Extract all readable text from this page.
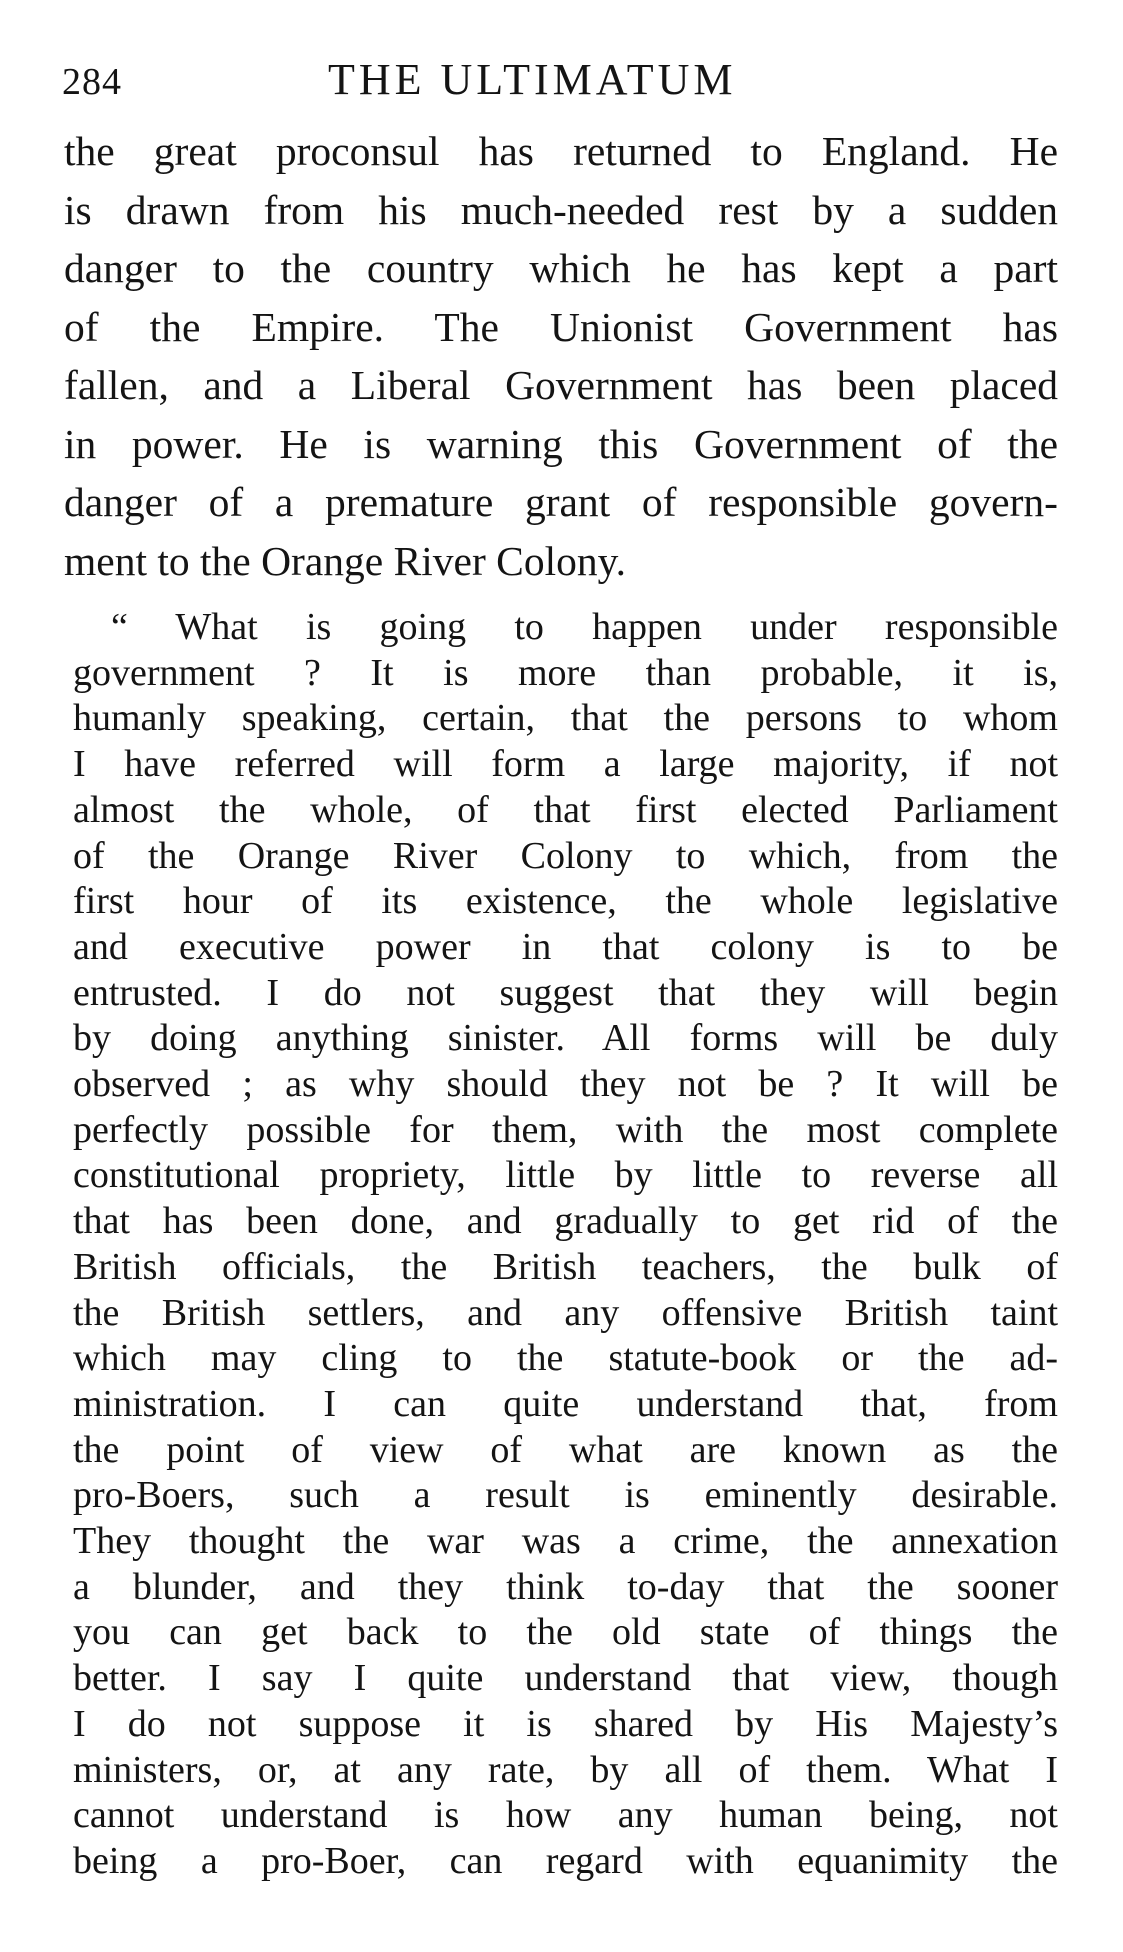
284	THE ULTIMATUM

the great proconsul has returned to England. He
is drawn from his much-needed rest by a sudden
danger to the country which he has kept a part
of the Empire. The Unionist Government has
fallen, and a Liberal Government has been placed
in power. He is warning this Government of the
danger of a premature grant of responsible govern-
ment to the Orange River Colony.

“ What is going to happen under responsible
government ? It is more than probable, it is,
humanly speaking, certain, that the persons to whom
I have referred will form a large majority, if not
almost the whole, of that first elected Parliament
of the Orange River Colony to which, from the
first hour of its existence, the whole legislative
and executive power in that colony is to be
entrusted. I do not suggest that they will begin
by doing anything sinister. All forms will be duly
observed ; as why should they not be ? It will be
perfectly possible for them, with the most complete
constitutional propriety, little by little to reverse all
that has been done, and gradually to get rid of the
British officials, the British teachers, the bulk of
the British settlers, and any offensive British taint
which may cling to the statute-book or the ad-
ministration. I can quite understand that, from
the point of view of what are known as the
pro-Boers, such a result is eminently desirable.
They thought the war was a crime, the annexation
a blunder, and they think to-day that the sooner
you can get back to the old state of things the
better. I say I quite understand that view, though
I do not suppose it is shared by His Majesty’s
ministers, or, at any rate, by all of them. What I
cannot understand is how any human being, not
being a pro-Boer, can regard with equanimity the
